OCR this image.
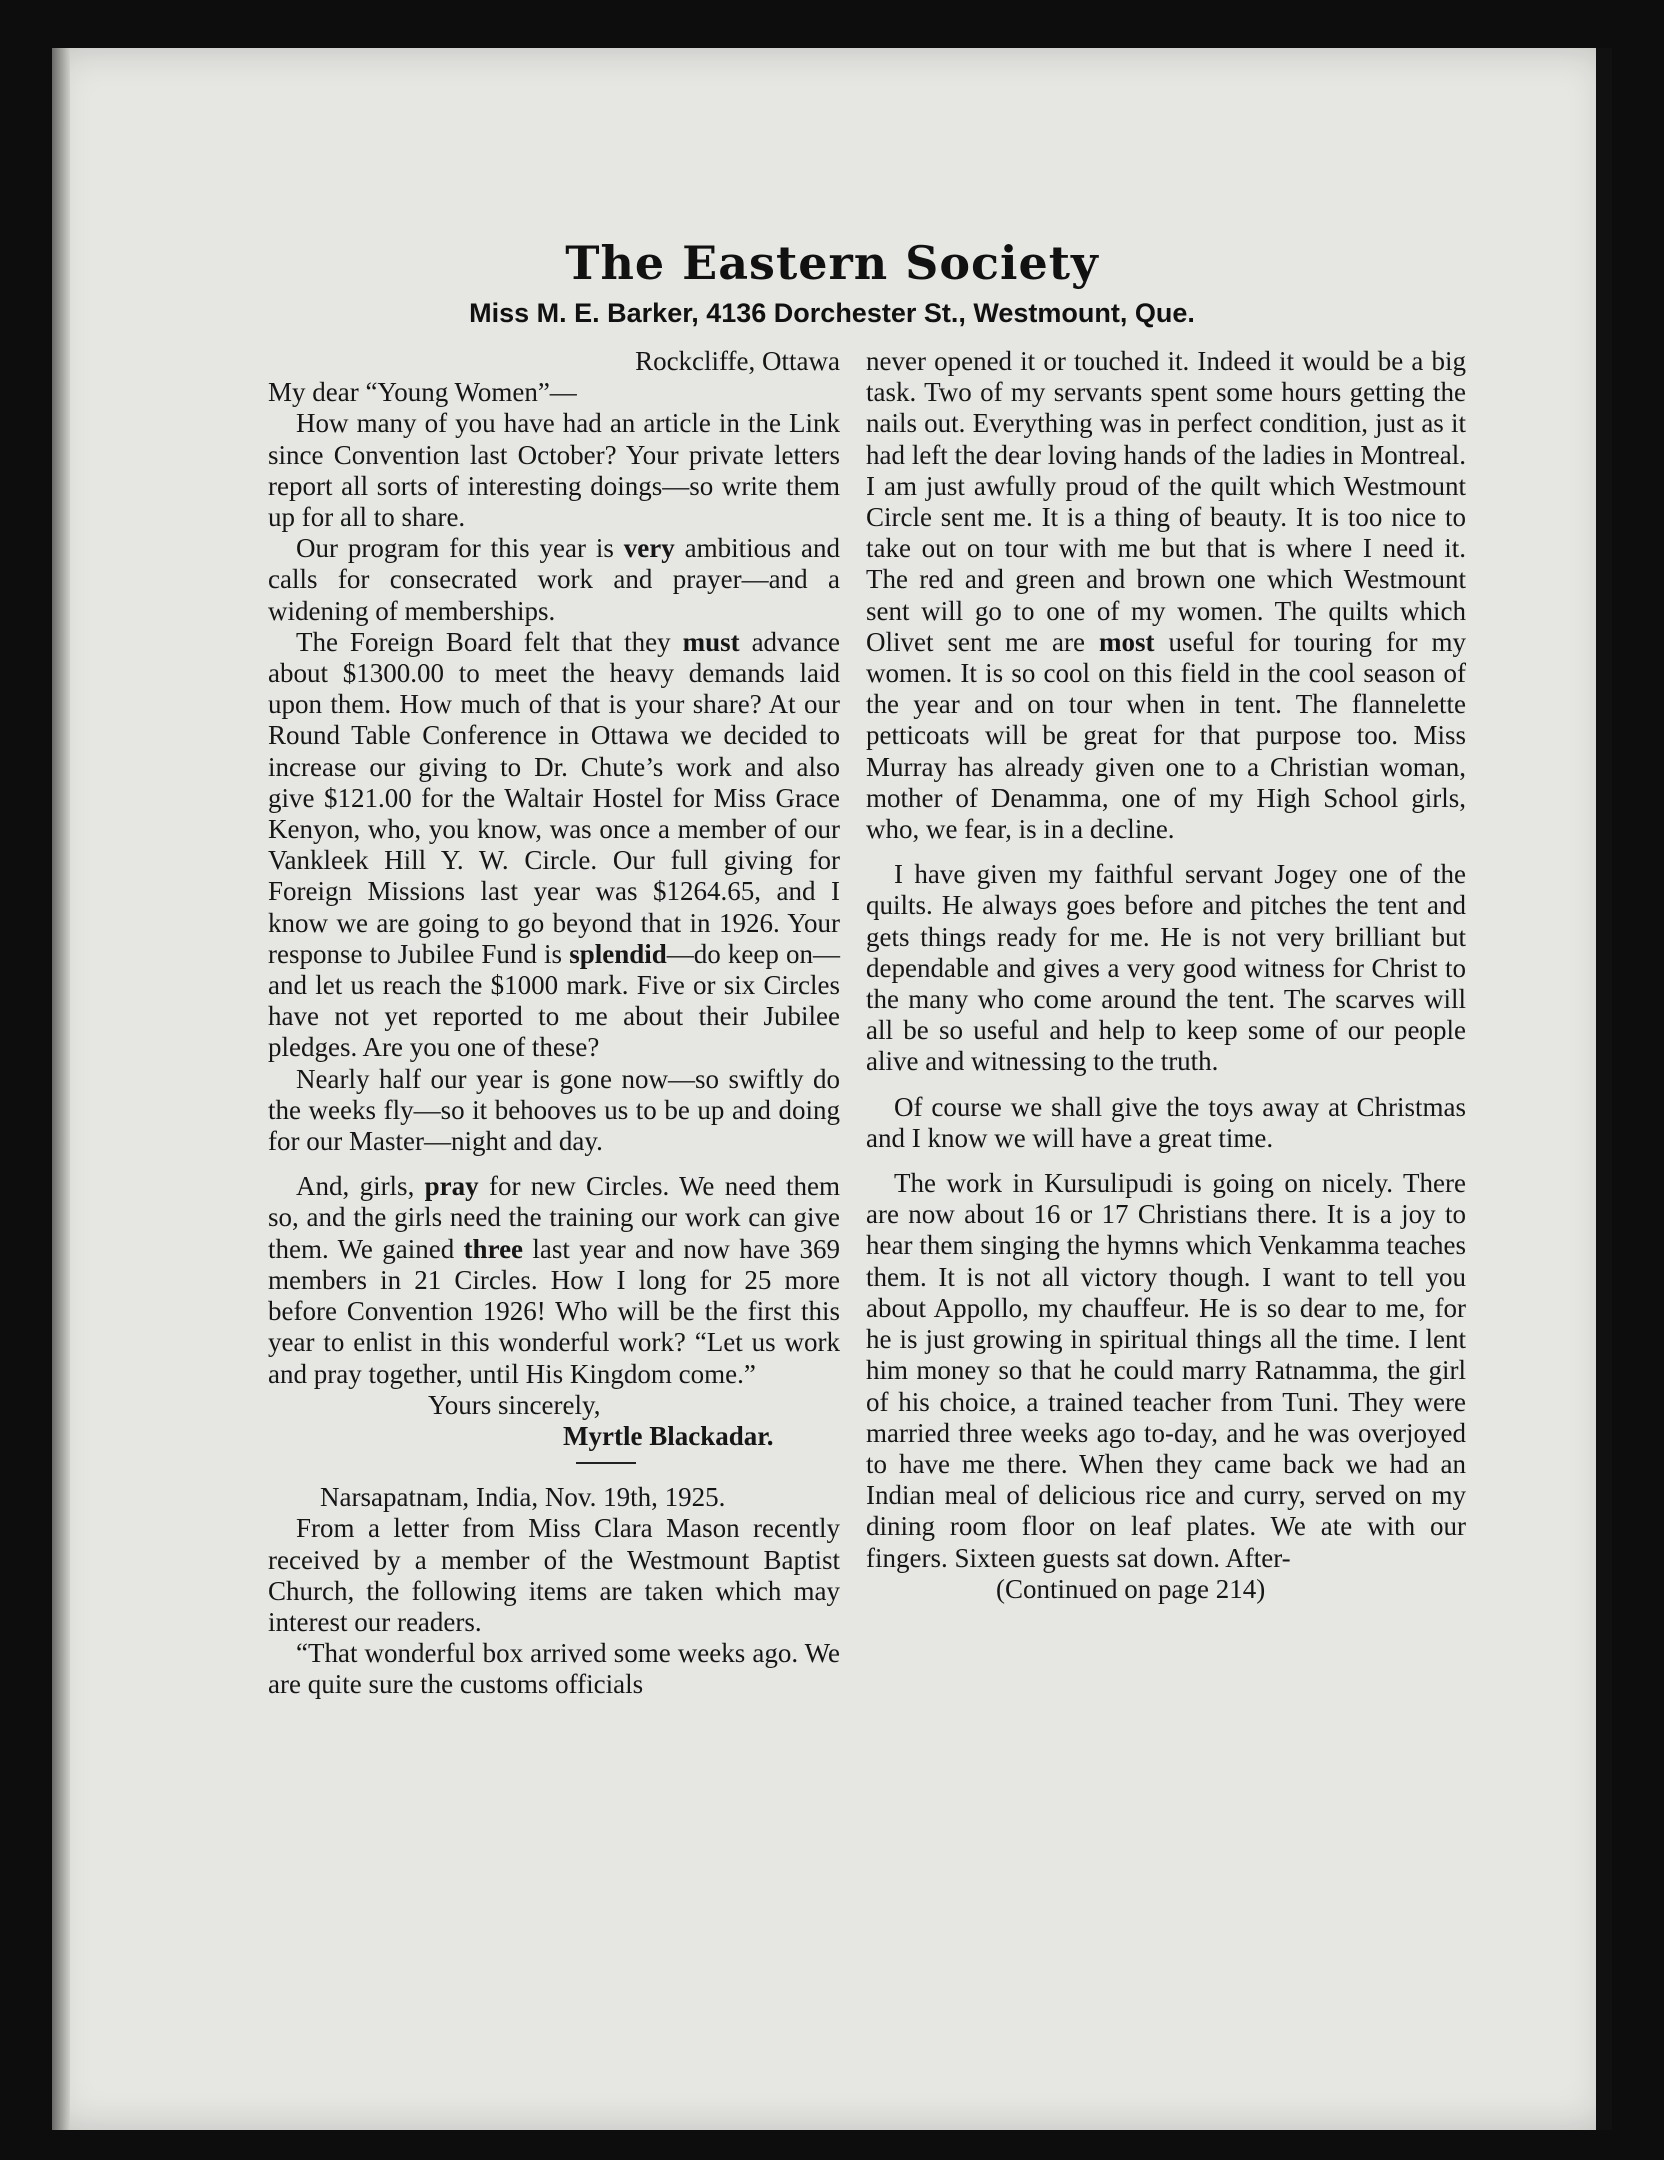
The Eastern Society
Miss M. E. Barker, 4136 Dorchester St., Westmount, Que.

Rockcliffe, Ottawa

My dear “Young Women”—

How many of you have had an article in the Link since Convention last October? Your private letters report all sorts of interesting doings—so write them up for all to share.

Our program for this year is very ambitious and calls for consecrated work and prayer—and a widening of memberships.

The Foreign Board felt that they must advance about $1300.00 to meet the heavy demands laid upon them. How much of that is your share? At our Round Table Conference in Ottawa we decided to increase our giving to Dr. Chute’s work and also give $121.00 for the Waltair Hostel for Miss Grace Kenyon, who, you know, was once a member of our Vankleek Hill Y. W. Circle. Our full giving for Foreign Missions last year was $1264.65, and I know we are going to go beyond that in 1926. Your response to Jubilee Fund is splendid—do keep on—and let us reach the $1000 mark. Five or six Circles have not yet reported to me about their Jubilee pledges. Are you one of these?

Nearly half our year is gone now—so swiftly do the weeks fly—so it behooves us to be up and doing for our Master—night and day.

And, girls, pray for new Circles. We need them so, and the girls need the training our work can give them. We gained three last year and now have 369 members in 21 Circles. How I long for 25 more before Convention 1926! Who will be the first this year to enlist in this wonderful work? “Let us work and pray together, until His Kingdom come.”

Yours sincerely,

Myrtle Blackadar.

Narsapatnam, India, Nov. 19th, 1925.

From a letter from Miss Clara Mason recently received by a member of the Westmount Baptist Church, the following items are taken which may interest our readers.

“That wonderful box arrived some weeks ago. We are quite sure the customs officials

never opened it or touched it. Indeed it would be a big task. Two of my servants spent some hours getting the nails out. Everything was in perfect condition, just as it had left the dear loving hands of the ladies in Montreal. I am just awfully proud of the quilt which Westmount Circle sent me. It is a thing of beauty. It is too nice to take out on tour with me but that is where I need it. The red and green and brown one which Westmount sent will go to one of my women. The quilts which Olivet sent me are most useful for touring for my women. It is so cool on this field in the cool season of the year and on tour when in tent. The flannelette petticoats will be great for that purpose too. Miss Murray has already given one to a Christian woman, mother of Denamma, one of my High School girls, who, we fear, is in a decline.

I have given my faithful servant Jogey one of the quilts. He always goes before and pitches the tent and gets things ready for me. He is not very brilliant but dependable and gives a very good witness for Christ to the many who come around the tent. The scarves will all be so useful and help to keep some of our people alive and witnessing to the truth.

Of course we shall give the toys away at Christmas and I know we will have a great time.

The work in Kursulipudi is going on nicely. There are now about 16 or 17 Christians there. It is a joy to hear them singing the hymns which Venkamma teaches them. It is not all victory though. I want to tell you about Appollo, my chauffeur. He is so dear to me, for he is just growing in spiritual things all the time. I lent him money so that he could marry Ratnamma, the girl of his choice, a trained teacher from Tuni. They were married three weeks ago to-day, and he was overjoyed to have me there. When they came back we had an Indian meal of delicious rice and curry, served on my dining room floor on leaf plates. We ate with our fingers. Sixteen guests sat down. After-

(Continued on page 214)
